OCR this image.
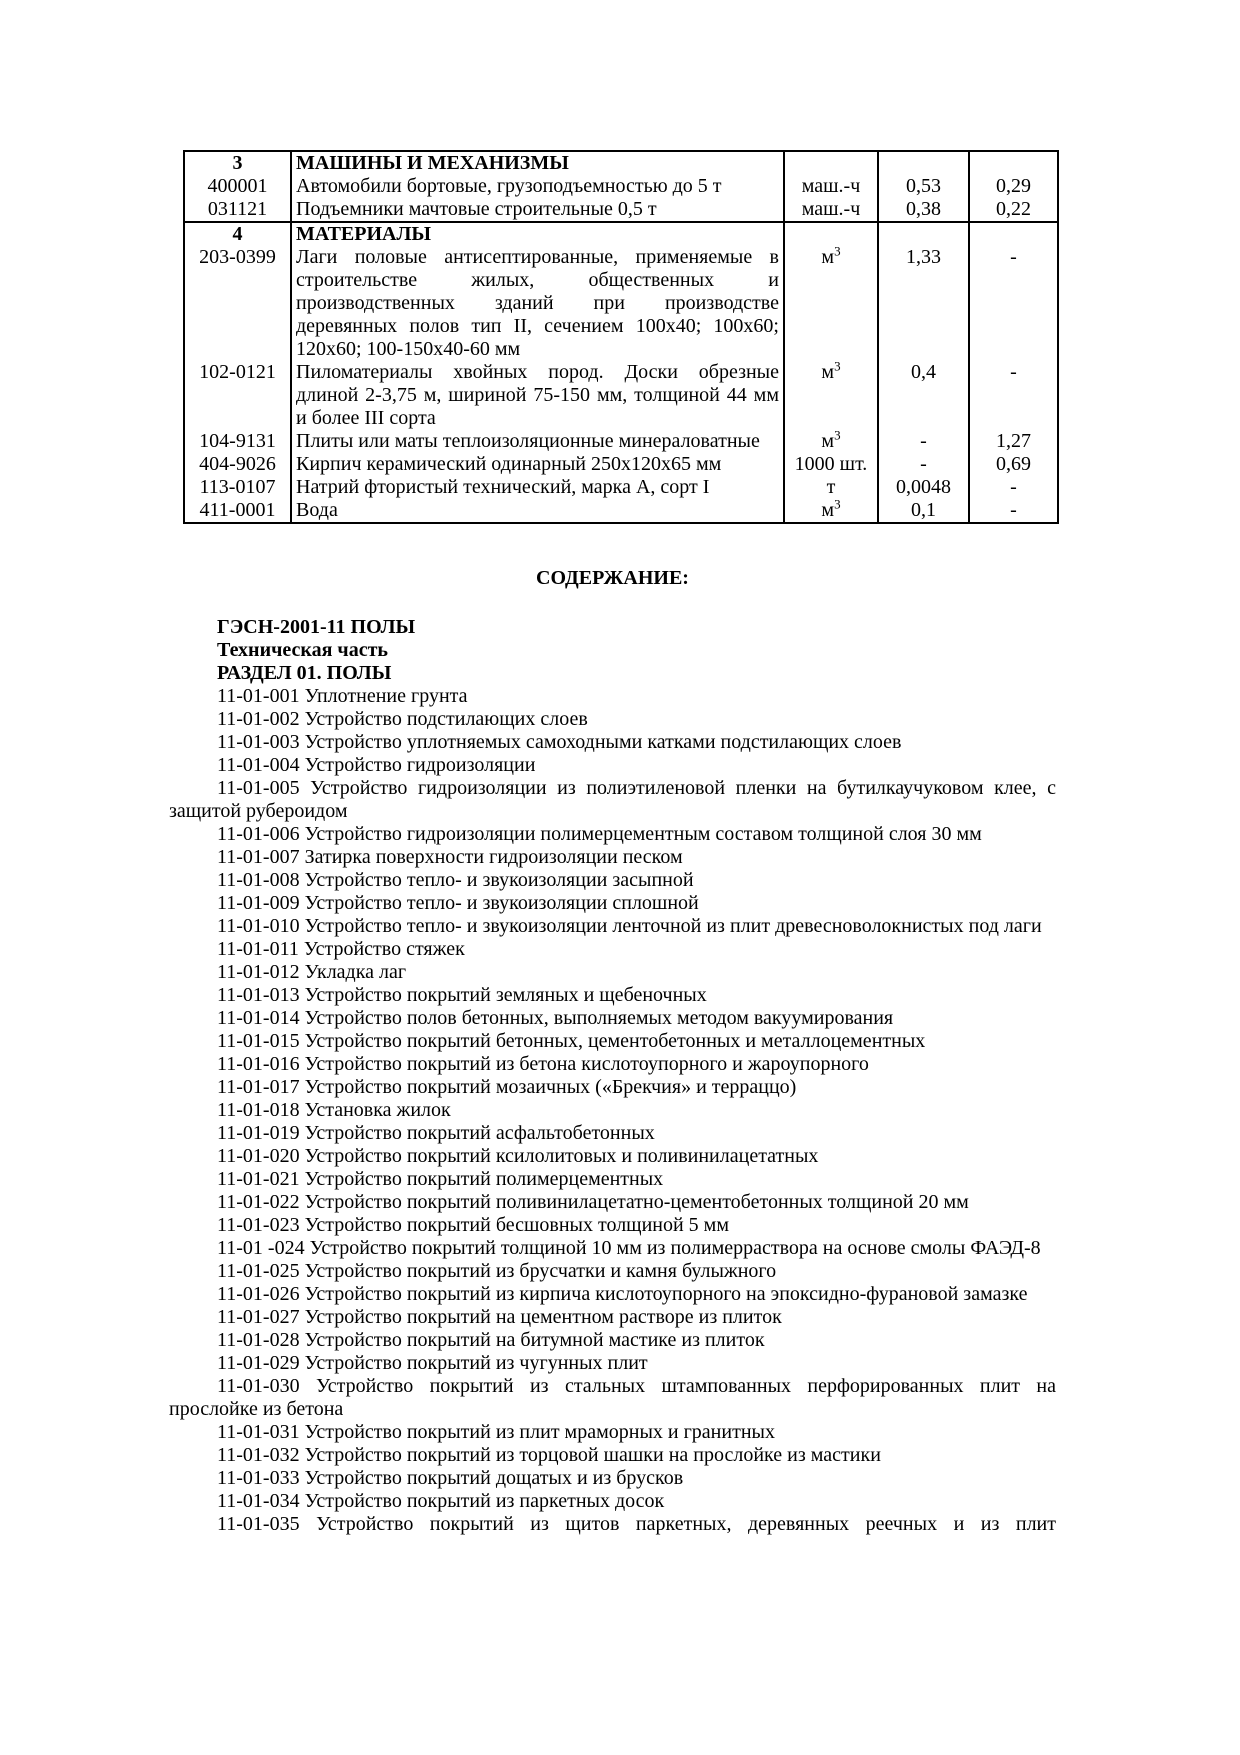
3	МАШИНЫ И МЕХАНИЗМЫ			
400001	Автомобили бортовые, грузоподъемностью до 5 т	маш.-ч	0,53	0,29
031121	Подъемники мачтовые строительные 0,5 т	маш.-ч	0,38	0,22
4	МАТЕРИАЛЫ			
203-0399	Лаги половые антисептированные, применяемые в строительстве жилых, общественных и производственных зданий при производстве деревянных полов тип II, сечением 100x40; 100x60; 120x60; 100-150x40-60 мм	$м^3$	1,33	-
102-0121	Пиломатериалы хвойных пород. Доски обрезные длиной 2-3,75 м, шириной 75-150 мм, толщиной 44 мм и более III сорта	$м^3$	0,4	-
104-9131	Плиты или маты теплоизоляционные минераловатные	$м^3$	-	1,27
404-9026	Кирпич керамический одинарный 250x120x65 мм	1000 шт.	-	0,69
113-0107	Натрий фтористый технический, марка А, сорт I	т	0,0048	-
411-0001	Вода	$м^3$	0,1	-

СОДЕРЖАНИЕ:

ГЭСН-2001-11 ПОЛЫ

Техническая часть

РАЗДЕЛ 01. ПОЛЫ

11-01-001 Уплотнение грунта

11-01-002 Устройство подстилающих слоев

11-01-003 Устройство уплотняемых самоходными катками подстилающих слоев

11-01-004 Устройство гидроизоляции

11-01-005 Устройство гидроизоляции из полиэтиленовой пленки на бутилкаучуковом клее, с защитой рубероидом

11-01-006 Устройство гидроизоляции полимерцементным составом толщиной слоя 30 мм

11-01-007 Затирка поверхности гидроизоляции песком

11-01-008 Устройство тепло- и звукоизоляции засыпной

11-01-009 Устройство тепло- и звукоизоляции сплошной

11-01-010 Устройство тепло- и звукоизоляции ленточной из плит древесноволокнистых под лаги

11-01-011 Устройство стяжек

11-01-012 Укладка лаг

11-01-013 Устройство покрытий земляных и щебеночных

11-01-014 Устройство полов бетонных, выполняемых методом вакуумирования

11-01-015 Устройство покрытий бетонных, цементобетонных и металлоцементных

11-01-016 Устройство покрытий из бетона кислотоупорного и жароупорного

11-01-017 Устройство покрытий мозаичных («Брекчия» и терраццо)

11-01-018 Установка жилок

11-01-019 Устройство покрытий асфальтобетонных

11-01-020 Устройство покрытий ксилолитовых и поливинилацетатных

11-01-021 Устройство покрытий полимерцементных

11-01-022 Устройство покрытий поливинилацетатно-цементобетонных толщиной 20 мм

11-01-023 Устройство покрытий бесшовных толщиной 5 мм

11-01 -024 Устройство покрытий толщиной 10 мм из полимерраствора на основе смолы ФАЭД-8

11-01-025 Устройство покрытий из брусчатки и камня булыжного

11-01-026 Устройство покрытий из кирпича кислотоупорного на эпоксидно-фурановой замазке

11-01-027 Устройство покрытий на цементном растворе из плиток

11-01-028 Устройство покрытий на битумной мастике из плиток

11-01-029 Устройство покрытий из чугунных плит

11-01-030 Устройство покрытий из стальных штампованных перфорированных плит на прослойке из бетона

11-01-031 Устройство покрытий из плит мраморных и гранитных

11-01-032 Устройство покрытий из торцовой шашки на прослойке из мастики

11-01-033 Устройство покрытий дощатых и из брусков

11-01-034 Устройство покрытий из паркетных досок

11-01-035 Устройство покрытий из щитов паркетных, деревянных реечных и из плит
